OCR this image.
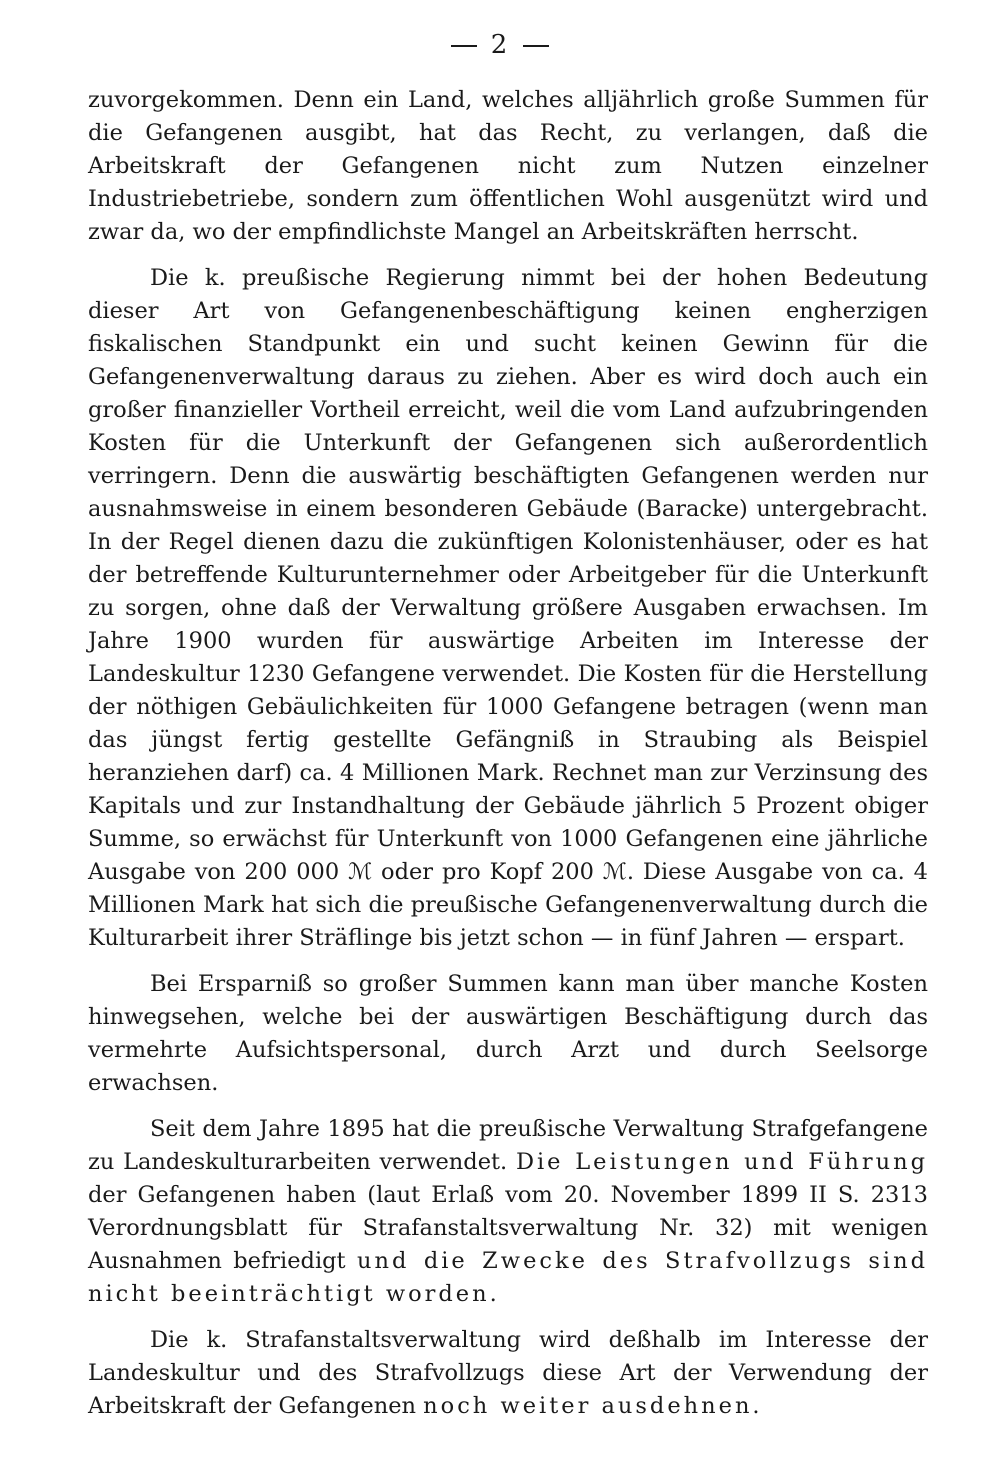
2

zuvorgekommen. Denn ein Land, welches alljährlich große Summen für die Gefangenen ausgibt, hat das Recht, zu verlangen, daß die Arbeitskraft der Gefangenen nicht zum Nutzen einzelner Industriebetriebe, sondern zum öffentlichen Wohl ausgenützt wird und zwar da, wo der empfindlichste Mangel an Arbeitskräften herrscht.

Die k. preußische Regierung nimmt bei der hohen Bedeutung dieser Art von Gefangenenbeschäftigung keinen engherzigen fiskalischen Standpunkt ein und sucht keinen Gewinn für die Gefangenenverwaltung daraus zu ziehen. Aber es wird doch auch ein großer finanzieller Vortheil erreicht, weil die vom Land aufzubringenden Kosten für die Unterkunft der Gefangenen sich außerordentlich verringern. Denn die auswärtig beschäftigten Gefangenen werden nur ausnahmsweise in einem besonderen Gebäude (Baracke) untergebracht. In der Regel dienen dazu die zukünftigen Kolonistenhäuser, oder es hat der betreffende Kulturunternehmer oder Arbeitgeber für die Unterkunft zu sorgen, ohne daß der Verwaltung größere Ausgaben erwachsen. Im Jahre 1900 wurden für auswärtige Arbeiten im Interesse der Landeskultur 1230 Gefangene verwendet. Die Kosten für die Herstellung der nöthigen Gebäulichkeiten für 1000 Gefangene betragen (wenn man das jüngst fertig gestellte Gefängniß in Straubing als Beispiel heranziehen darf) ca. 4 Millionen Mark. Rechnet man zur Verzinsung des Kapitals und zur Instandhaltung der Gebäude jährlich 5 Prozent obiger Summe, so erwächst für Unterkunft von 1000 Gefangenen eine jährliche Ausgabe von 200 000 ℳ oder pro Kopf 200 ℳ. Diese Ausgabe von ca. 4 Millionen Mark hat sich die preußische Gefangenenverwaltung durch die Kulturarbeit ihrer Sträflinge bis jetzt schon — in fünf Jahren — erspart.

Bei Ersparniß so großer Summen kann man über manche Kosten hinwegsehen, welche bei der auswärtigen Beschäftigung durch das vermehrte Aufsichtspersonal, durch Arzt und durch Seelsorge erwachsen.

Seit dem Jahre 1895 hat die preußische Verwaltung Strafgefangene zu Landeskulturarbeiten verwendet. Die Leistungen und Führung der Gefangenen haben (laut Erlaß vom 20. November 1899 II S. 2313 Verordnungsblatt für Strafanstaltsverwaltung Nr. 32) mit wenigen Ausnahmen befriedigt und die Zwecke des Strafvollzugs sind nicht beeinträchtigt worden.

Die k. Strafanstaltsverwaltung wird deßhalb im Interesse der Landeskultur und des Strafvollzugs diese Art der Verwendung der Arbeitskraft der Gefangenen noch weiter ausdehnen.
